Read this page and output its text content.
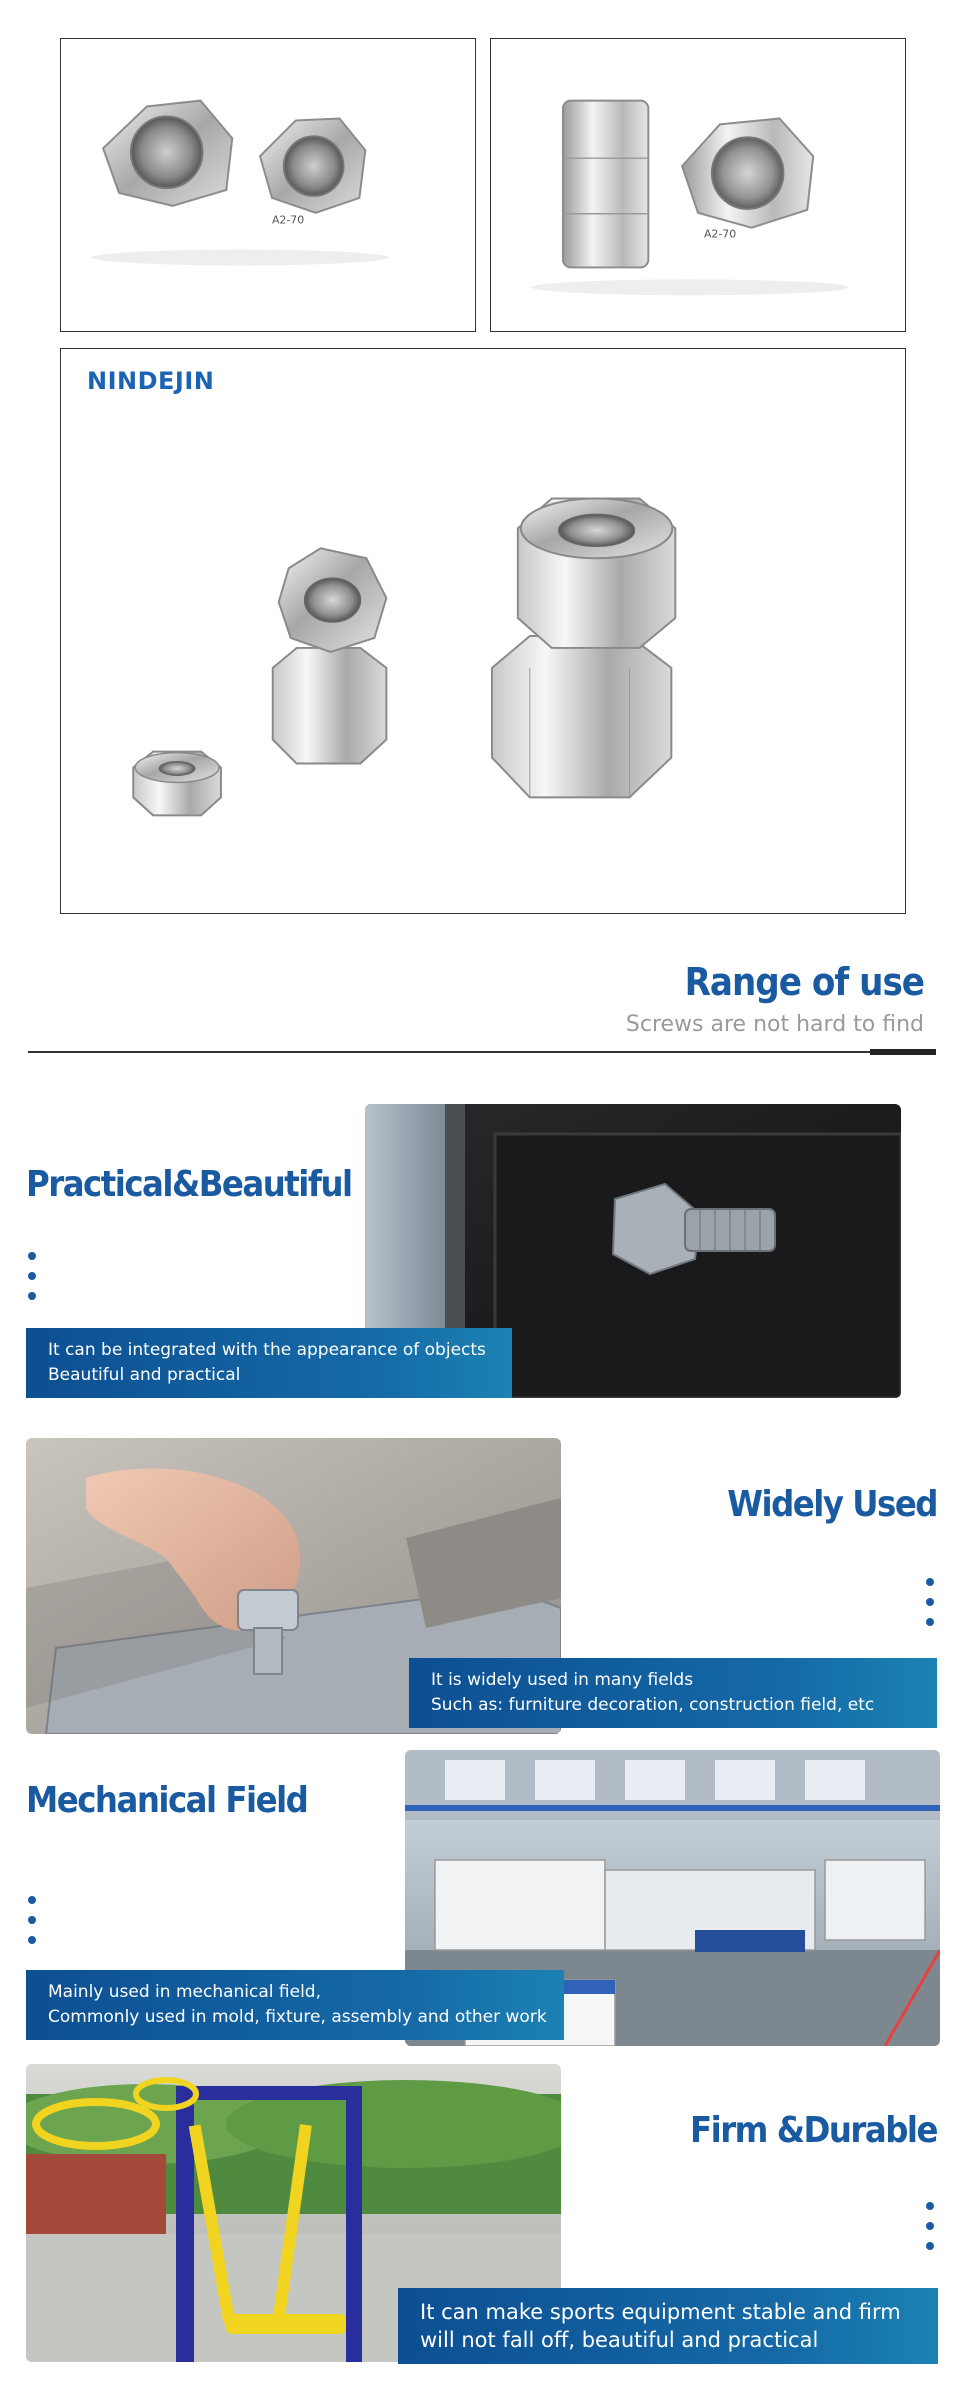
A2-70
A2-70
NINDEJIN
Range of use
Screws are not hard to find
Practical&Beautiful
It can be integrated with the appearance of objects
Beautiful and practical
Widely Used
It is widely used in many fields
Such as: furniture decoration, construction field, etc
Mechanical Field
Mainly used in mechanical field,
Commonly used in mold, fixture, assembly and other work
Firm &Durable
It can make sports equipment stable and firm
will not fall off, beautiful and practical
